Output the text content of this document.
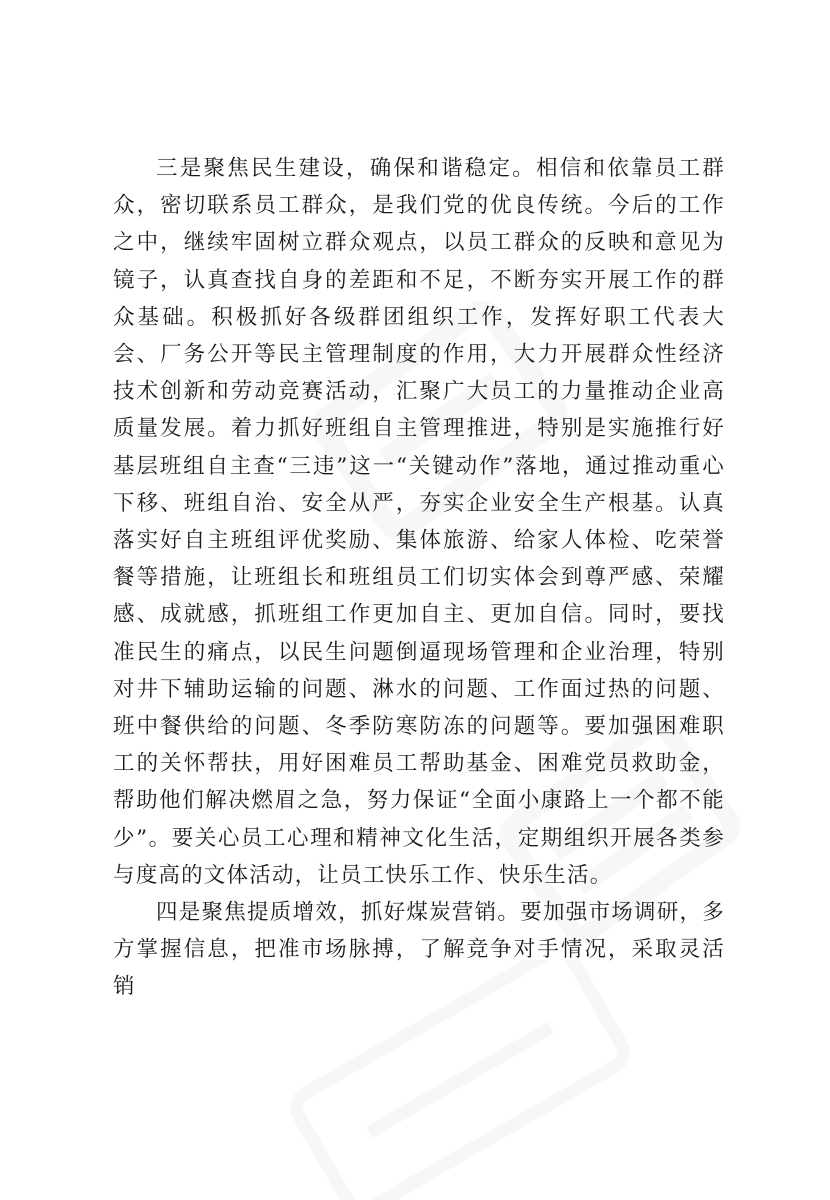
三是聚焦民生建设，确保和谐稳定。相信和依靠员工群众，密切联系员工群众，是我们党的优良传统。今后的工作之中，继续牢固树立群众观点，以员工群众的反映和意见为镜子，认真查找自身的差距和不足，不断夯实开展工作的群众基础。积极抓好各级群团组织工作，发挥好职工代表大会、厂务公开等民主管理制度的作用，大力开展群众性经济技术创新和劳动竞赛活动，汇聚广大员工的力量推动企业高质量发展。着力抓好班组自主管理推进，特别是实施推行好基层班组自主查“三违”这一“关键动作”落地，通过推动重心下移、班组自治、安全从严，夯实企业安全生产根基。认真落实好自主班组评优奖励、集体旅游、给家人体检、吃荣誉餐等措施，让班组长和班组员工们切实体会到尊严感、荣耀感、成就感，抓班组工作更加自主、更加自信。同时，要找准民生的痛点，以民生问题倒逼现场管理和企业治理，特别对井下辅助运输的问题、淋水的问题、工作面过热的问题、班中餐供给的问题、冬季防寒防冻的问题等。要加强困难职工的关怀帮扶，用好困难员工帮助基金、困难党员救助金，帮助他们解决燃眉之急，努力保证“全面小康路上一个都不能少”。要关心员工心理和精神文化生活，定期组织开展各类参与度高的文体活动，让员工快乐工作、快乐生活。

四是聚焦提质增效，抓好煤炭营销。要加强市场调研，多方掌握信息，把准市场脉搏，了解竞争对手情况，采取灵活销
